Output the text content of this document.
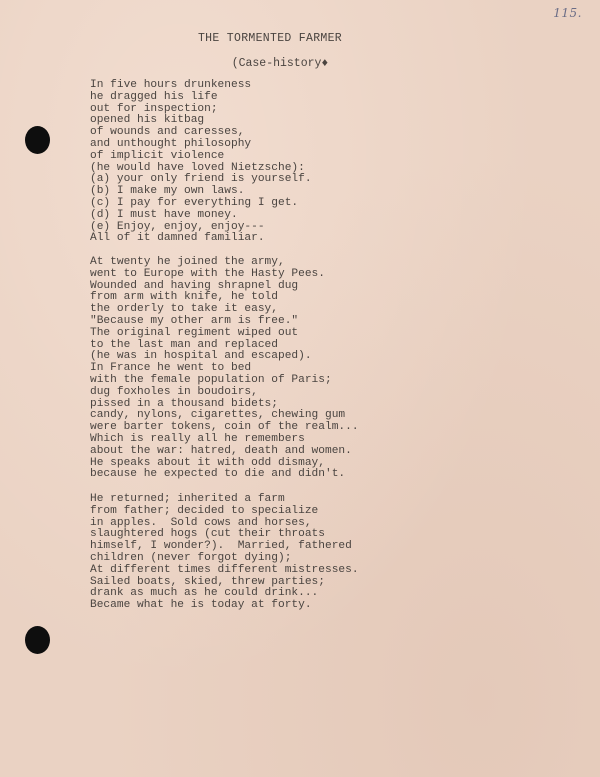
115.
THE TORMENTED FARMER
(Case-history♦
In five hours drunkeness
he dragged his life
out for inspection;
opened his kitbag
of wounds and caresses,
and unthought philosophy
of implicit violence
(he would have loved Nietzsche):
(a) your only friend is yourself.
(b) I make my own laws.
(c) I pay for everything I get.
(d) I must have money.
(e) Enjoy, enjoy, enjoy---
All of it damned familiar.
At twenty he joined the army,
went to Europe with the Hasty Pees.
Wounded and having shrapnel dug
from arm with knife, he told
the orderly to take it easy,
"Because my other arm is free."
The original regiment wiped out
to the last man and replaced
(he was in hospital and escaped).
In France he went to bed
with the female population of Paris;
dug foxholes in boudoirs,
pissed in a thousand bidets;
candy, nylons, cigarettes, chewing gum
were barter tokens, coin of the realm...
Which is really all he remembers
about the war: hatred, death and women.
He speaks about it with odd dismay,
because he expected to die and didn't.
He returned; inherited a farm
from father; decided to specialize
in apples.  Sold cows and horses,
slaughtered hogs (cut their throats
himself, I wonder?).  Married, fathered
children (never forgot dying);
At different times different mistresses.
Sailed boats, skied, threw parties;
drank as much as he could drink...
Became what he is today at forty.
